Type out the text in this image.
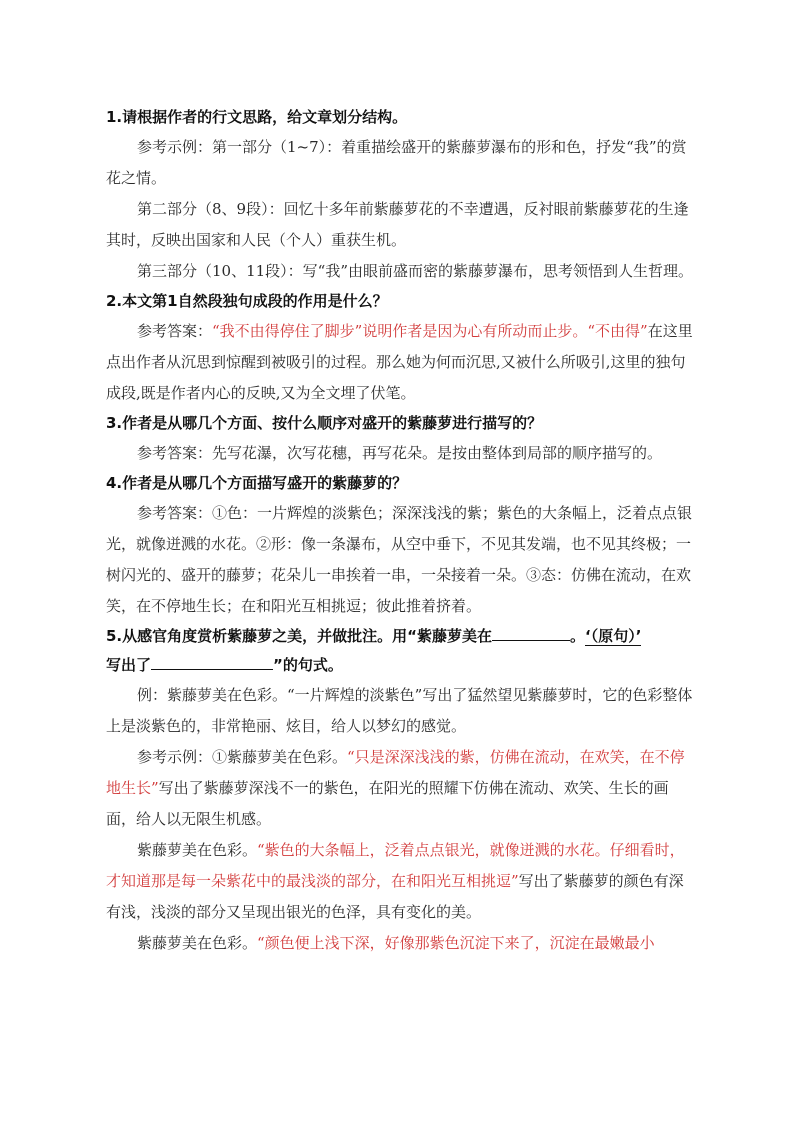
1.请根据作者的行文思路，给文章划分结构。

参考示例：第一部分（1~7）：着重描绘盛开的紫藤萝瀑布的形和色，抒发“我”的赏花之情。

第二部分（8、9段）：回忆十多年前紫藤萝花的不幸遭遇，反衬眼前紫藤萝花的生逢其时，反映出国家和人民（个人）重获生机。

第三部分（10、11段）：写“我”由眼前盛而密的紫藤萝瀑布，思考领悟到人生哲理。

2.本文第1自然段独句成段的作用是什么？

参考答案：“我不由得停住了脚步”说明作者是因为心有所动而止步。“不由得”在这里点出作者从沉思到惊醒到被吸引的过程。那么她为何而沉思,又被什么所吸引,这里的独句成段,既是作者内心的反映,又为全文埋了伏笔。

3.作者是从哪几个方面、按什么顺序对盛开的紫藤萝进行描写的？

参考答案：先写花瀑，次写花穗，再写花朵。是按由整体到局部的顺序描写的。

4.作者是从哪几个方面描写盛开的紫藤萝的？

参考答案：①色：一片辉煌的淡紫色；深深浅浅的紫；紫色的大条幅上，泛着点点银光，就像迸溅的水花。②形：像一条瀑布，从空中垂下，不见其发端，也不见其终极；一树闪光的、盛开的藤萝；花朵儿一串挨着一串，一朵接着一朵。③态：仿佛在流动，在欢笑，在不停地生长；在和阳光互相挑逗；彼此推着挤着。

5.从感官角度赏析紫藤萝之美，并做批注。用“紫藤萝美在	。‘（原句）’
写出了	”的句式。

例：紫藤萝美在色彩。“一片辉煌的淡紫色”写出了猛然望见紫藤萝时，它的色彩整体上是淡紫色的，非常艳丽、炫目，给人以梦幻的感觉。

参考示例：①紫藤萝美在色彩。“只是深深浅浅的紫，仿佛在流动，在欢笑，在不停地生长”写出了紫藤萝深浅不一的紫色，在阳光的照耀下仿佛在流动、欢笑、生长的画面，给人以无限生机感。

紫藤萝美在色彩。“紫色的大条幅上，泛着点点银光，就像迸溅的水花。仔细看时，才知道那是每一朵紫花中的最浅淡的部分，在和阳光互相挑逗”写出了紫藤萝的颜色有深有浅，浅淡的部分又呈现出银光的色泽，具有变化的美。

紫藤萝美在色彩。“颜色便上浅下深，好像那紫色沉淀下来了，沉淀在最嫩最小
